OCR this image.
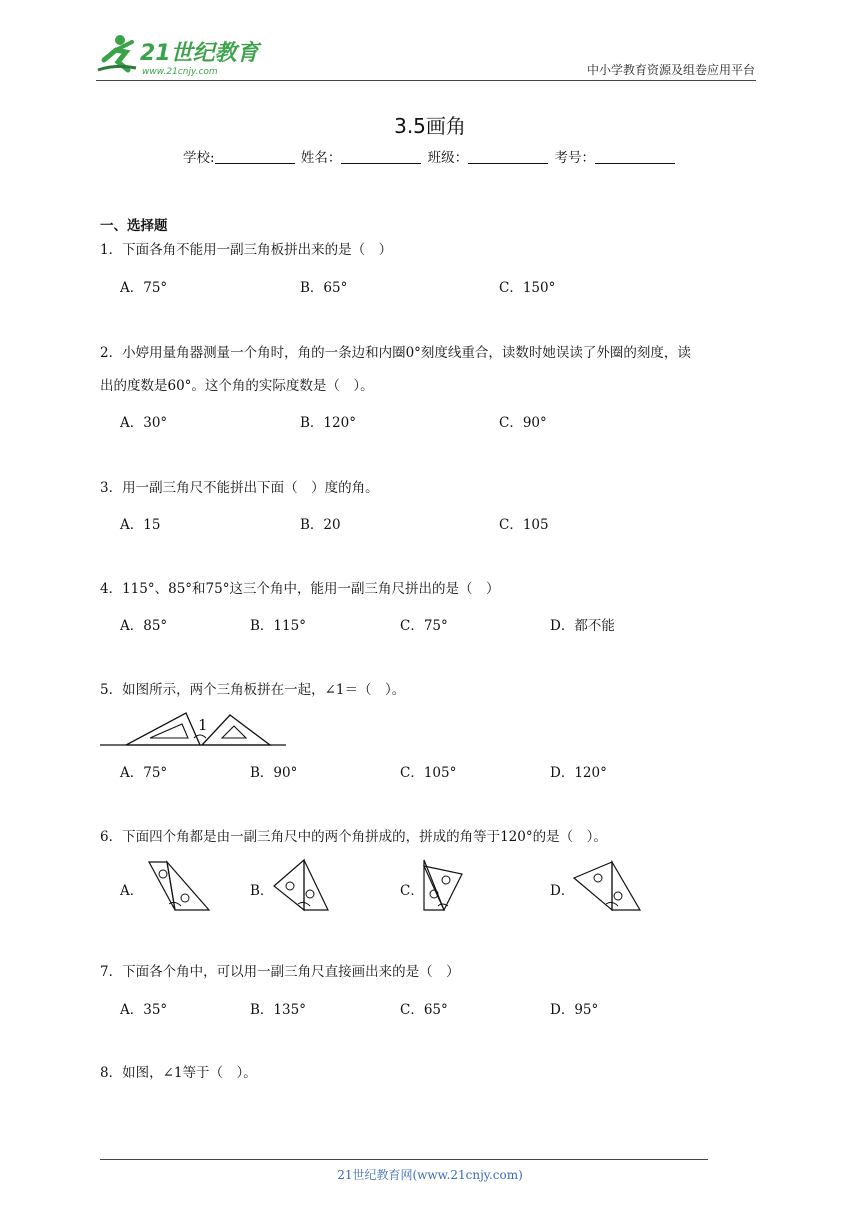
21世纪教育
www.21cnjy.com	中小学教育资源及组卷应用平台
3.5画角
学校:	姓名：	班级：	考号：
一、选择题
1．下面各角不能用一副三角板拼出来的是（　）
A．75°	B．65°	C．150°
2．小婷用量角器测量一个角时，角的一条边和内圈0°刻度线重合，读数时她误读了外圈的刻度，读
出的度数是60°。这个角的实际度数是（　）。
A．30°	B．120°	C．90°
3．用一副三角尺不能拼出下面（　）度的角。
A．15	B．20	C．105
4．115°、85°和75°这三个角中，能用一副三角尺拼出的是（　）
A．85°	B．115°	C．75°	D．都不能
5．如图所示，两个三角板拼在一起，∠1＝（　）。
1
A．75°	B．90°	C．105°	D．120°
6．下面四个角都是由一副三角尺中的两个角拼成的，拼成的角等于120°的是（　）。
A．	B．	C．	D．
7．下面各个角中，可以用一副三角尺直接画出来的是（　）
A．35°	B．135°	C．65°	D．95°
8．如图，∠1等于（　）。
21世纪教育网(www.21cnjy.com)
